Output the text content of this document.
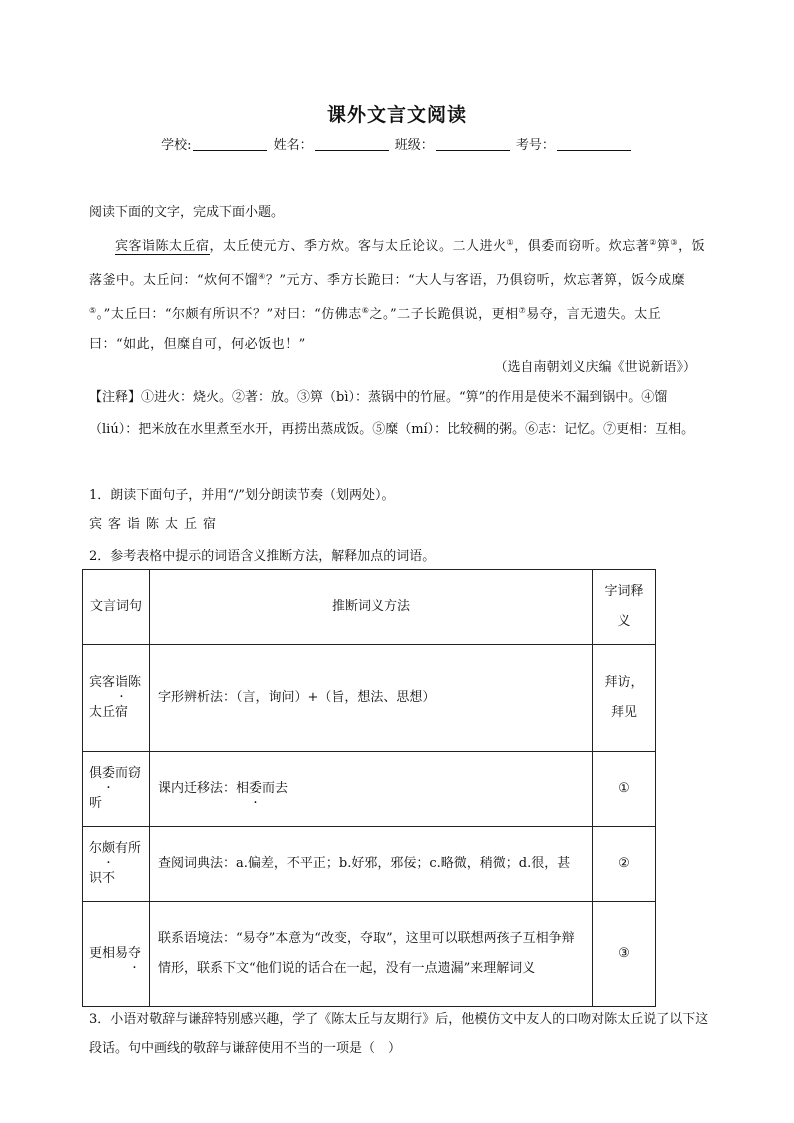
课外文言文阅读
学校:	姓名：	班级：	考号：
阅读下面的文字，完成下面小题。
宾客诣陈太丘宿，太丘使元方、季方炊。客与太丘论议。二人进火①，俱委而窃听。炊忘著②箅③，饭落釜中。太丘问：“炊何不馏④？”元方、季方长跪曰：“大人与客语，乃俱窃听，炊忘著箅，饭今成糜⑤。”太丘曰：“尔颇有所识不？”对曰：“仿佛志⑥之。”二子长跪俱说，更相⑦易夺，言无遗失。太丘曰：“如此，但糜自可，何必饭也！”
（选自南朝刘义庆编《世说新语》）
【注释】①进火：烧火。②著：放。③箅（bì）：蒸锅中的竹屉。“箅”的作用是使米不漏到锅中。④馏（liú）：把米放在水里煮至水开，再捞出蒸成饭。⑤糜（mí）：比较稠的粥。⑥志：记忆。⑦更相：互相。
1．朗读下面句子，并用“/”划分朗读节奏（划两处）。
宾客诣陈太丘宿
2．参考表格中提示的词语含义推断方法，解释加点的词语。
文言词句	推断词义方法	字词释义
宾客诣陈太丘宿	字形辨析法：（言，询问）+（旨，想法、思想）	拜访，拜见
俱委而窃听	课内迁移法：相委而去	①
尔颇有所识不	查阅词典法：a.偏差，不平正；b.好邪，邪佞；c.略微，稍微；d.很，甚	②
更相易夺	联系语境法：“易夺”本意为“改变，夺取”，这里可以联想两孩子互相争辩情形，联系下文“他们说的话合在一起，没有一点遗漏”来理解词义	③
3．小语对敬辞与谦辞特别感兴趣，学了《陈太丘与友期行》后，他模仿文中友人的口吻对陈太丘说了以下这段话。句中画线的敬辞与谦辞使用不当的一项是（　）
